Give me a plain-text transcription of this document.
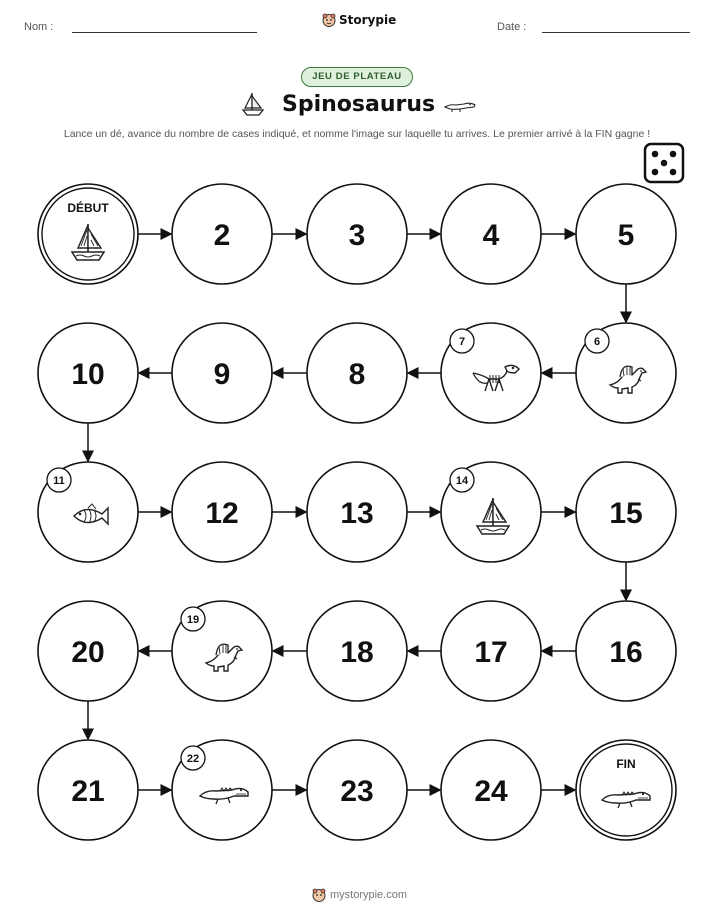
Nom :	Storypie	Date :
JEU DE PLATEAU
Spinosaurus
Lance un dé, avance du nombre de cases indiqué, et nomme l'image sur laquelle tu arrives. Le premier arrivé à la FIN gagne !
DÉBUT
2	3	4	5
6
7
8
9
10
11
12	13
14
15
16
17
18
19
20
21
22
23	24
FIN
mystorypie.com
